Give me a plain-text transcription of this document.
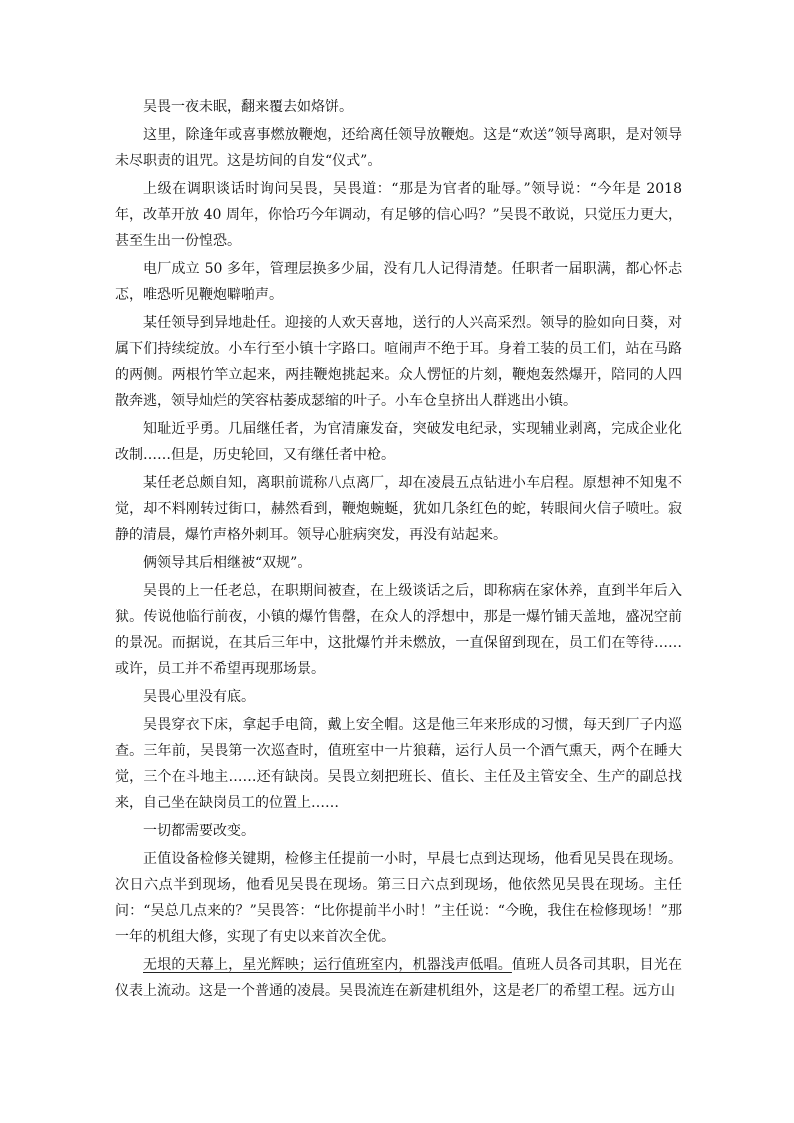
吴畏一夜未眠，翻来覆去如烙饼。

这里，除逢年或喜事燃放鞭炮，还给离任领导放鞭炮。这是“欢送”领导离职，是对领导未尽职责的诅咒。这是坊间的自发“仪式”。

上级在调职谈话时询问吴畏，吴畏道：“那是为官者的耻辱。”领导说：“今年是 2018 年，改革开放 40 周年，你恰巧今年调动，有足够的信心吗？”吴畏不敢说，只觉压力更大，甚至生出一份惶恐。

电厂成立 50 多年，管理层换多少届，没有几人记得清楚。任职者一届职满，都心怀忐忑，唯恐听见鞭炮噼啪声。

某任领导到异地赴任。迎接的人欢天喜地，送行的人兴高采烈。领导的脸如向日葵，对属下们持续绽放。小车行至小镇十字路口。喧闹声不绝于耳。身着工装的员工们，站在马路的两侧。两根竹竿立起来，两挂鞭炮挑起来。众人愣怔的片刻，鞭炮轰然爆开，陪同的人四散奔逃，领导灿烂的笑容枯萎成瑟缩的叶子。小车仓皇挤出人群逃出小镇。

知耻近乎勇。几届继任者，为官清廉发奋，突破发电纪录，实现辅业剥离，完成企业化改制……但是，历史轮回，又有继任者中枪。

某任老总颇自知，离职前谎称八点离厂，却在凌晨五点钻进小车启程。原想神不知鬼不觉，却不料刚转过街口，赫然看到，鞭炮蜿蜒，犹如几条红色的蛇，转眼间火信子喷吐。寂静的清晨，爆竹声格外刺耳。领导心脏病突发，再没有站起来。

俩领导其后相继被“双规”。

吴畏的上一任老总，在职期间被查，在上级谈话之后，即称病在家休养，直到半年后入狱。传说他临行前夜，小镇的爆竹售罄，在众人的浮想中，那是一爆竹铺天盖地，盛况空前的景况。而据说，在其后三年中，这批爆竹并未燃放，一直保留到现在，员工们在等待……或许，员工并不希望再现那场景。

吴畏心里没有底。

吴畏穿衣下床，拿起手电筒，戴上安全帽。这是他三年来形成的习惯，每天到厂子内巡查。三年前，吴畏第一次巡查时，值班室中一片狼藉，运行人员一个酒气熏天，两个在睡大觉，三个在斗地主……还有缺岗。吴畏立刻把班长、值长、主任及主管安全、生产的副总找来，自己坐在缺岗员工的位置上……

一切都需要改变。

正值设备检修关键期，检修主任提前一小时，早晨七点到达现场，他看见吴畏在现场。次日六点半到现场，他看见吴畏在现场。第三日六点到现场，他依然见吴畏在现场。主任问：“吴总几点来的？”吴畏答：“比你提前半小时！”主任说：“今晚，我住在检修现场！”那一年的机组大修，实现了有史以来首次全优。

无垠的天幕上，星光辉映；运行值班室内，机器浅声低唱。值班人员各司其职，目光在仪表上流动。这是一个普通的凌晨。吴畏流连在新建机组外，这是老厂的希望工程。远方山
